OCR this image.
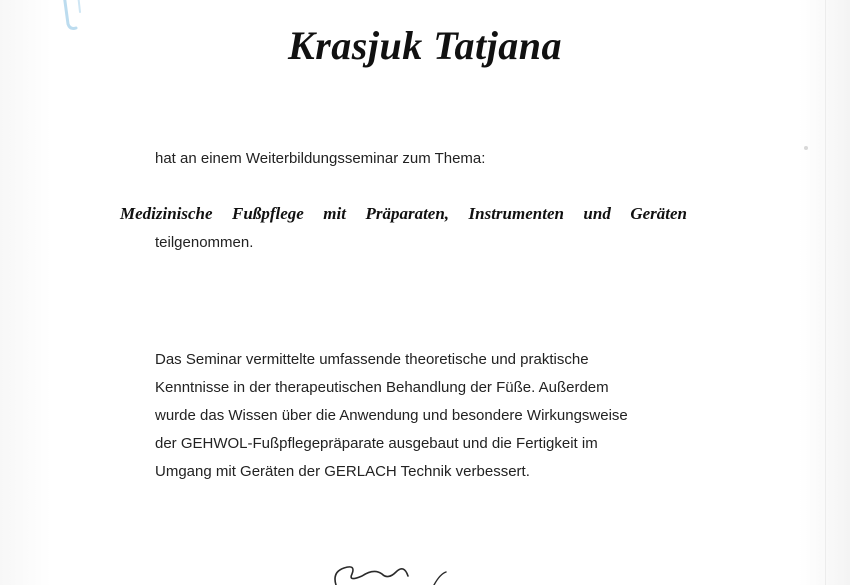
Krasjuk Tatjana
hat an einem Weiterbildungsseminar zum Thema:
Medizinische Fußpflege mit Präparaten, Instrumenten und Geräten
teilgenommen.
Das Seminar vermittelte umfassende theoretische und praktische
Kenntnisse in der therapeutischen Behandlung der Füße. Außerdem
wurde das Wissen über die Anwendung und besondere Wirkungsweise
der GEHWOL-Fußpflegepräparate ausgebaut und die Fertigkeit im
Umgang mit Geräten der GERLACH Technik verbessert.
